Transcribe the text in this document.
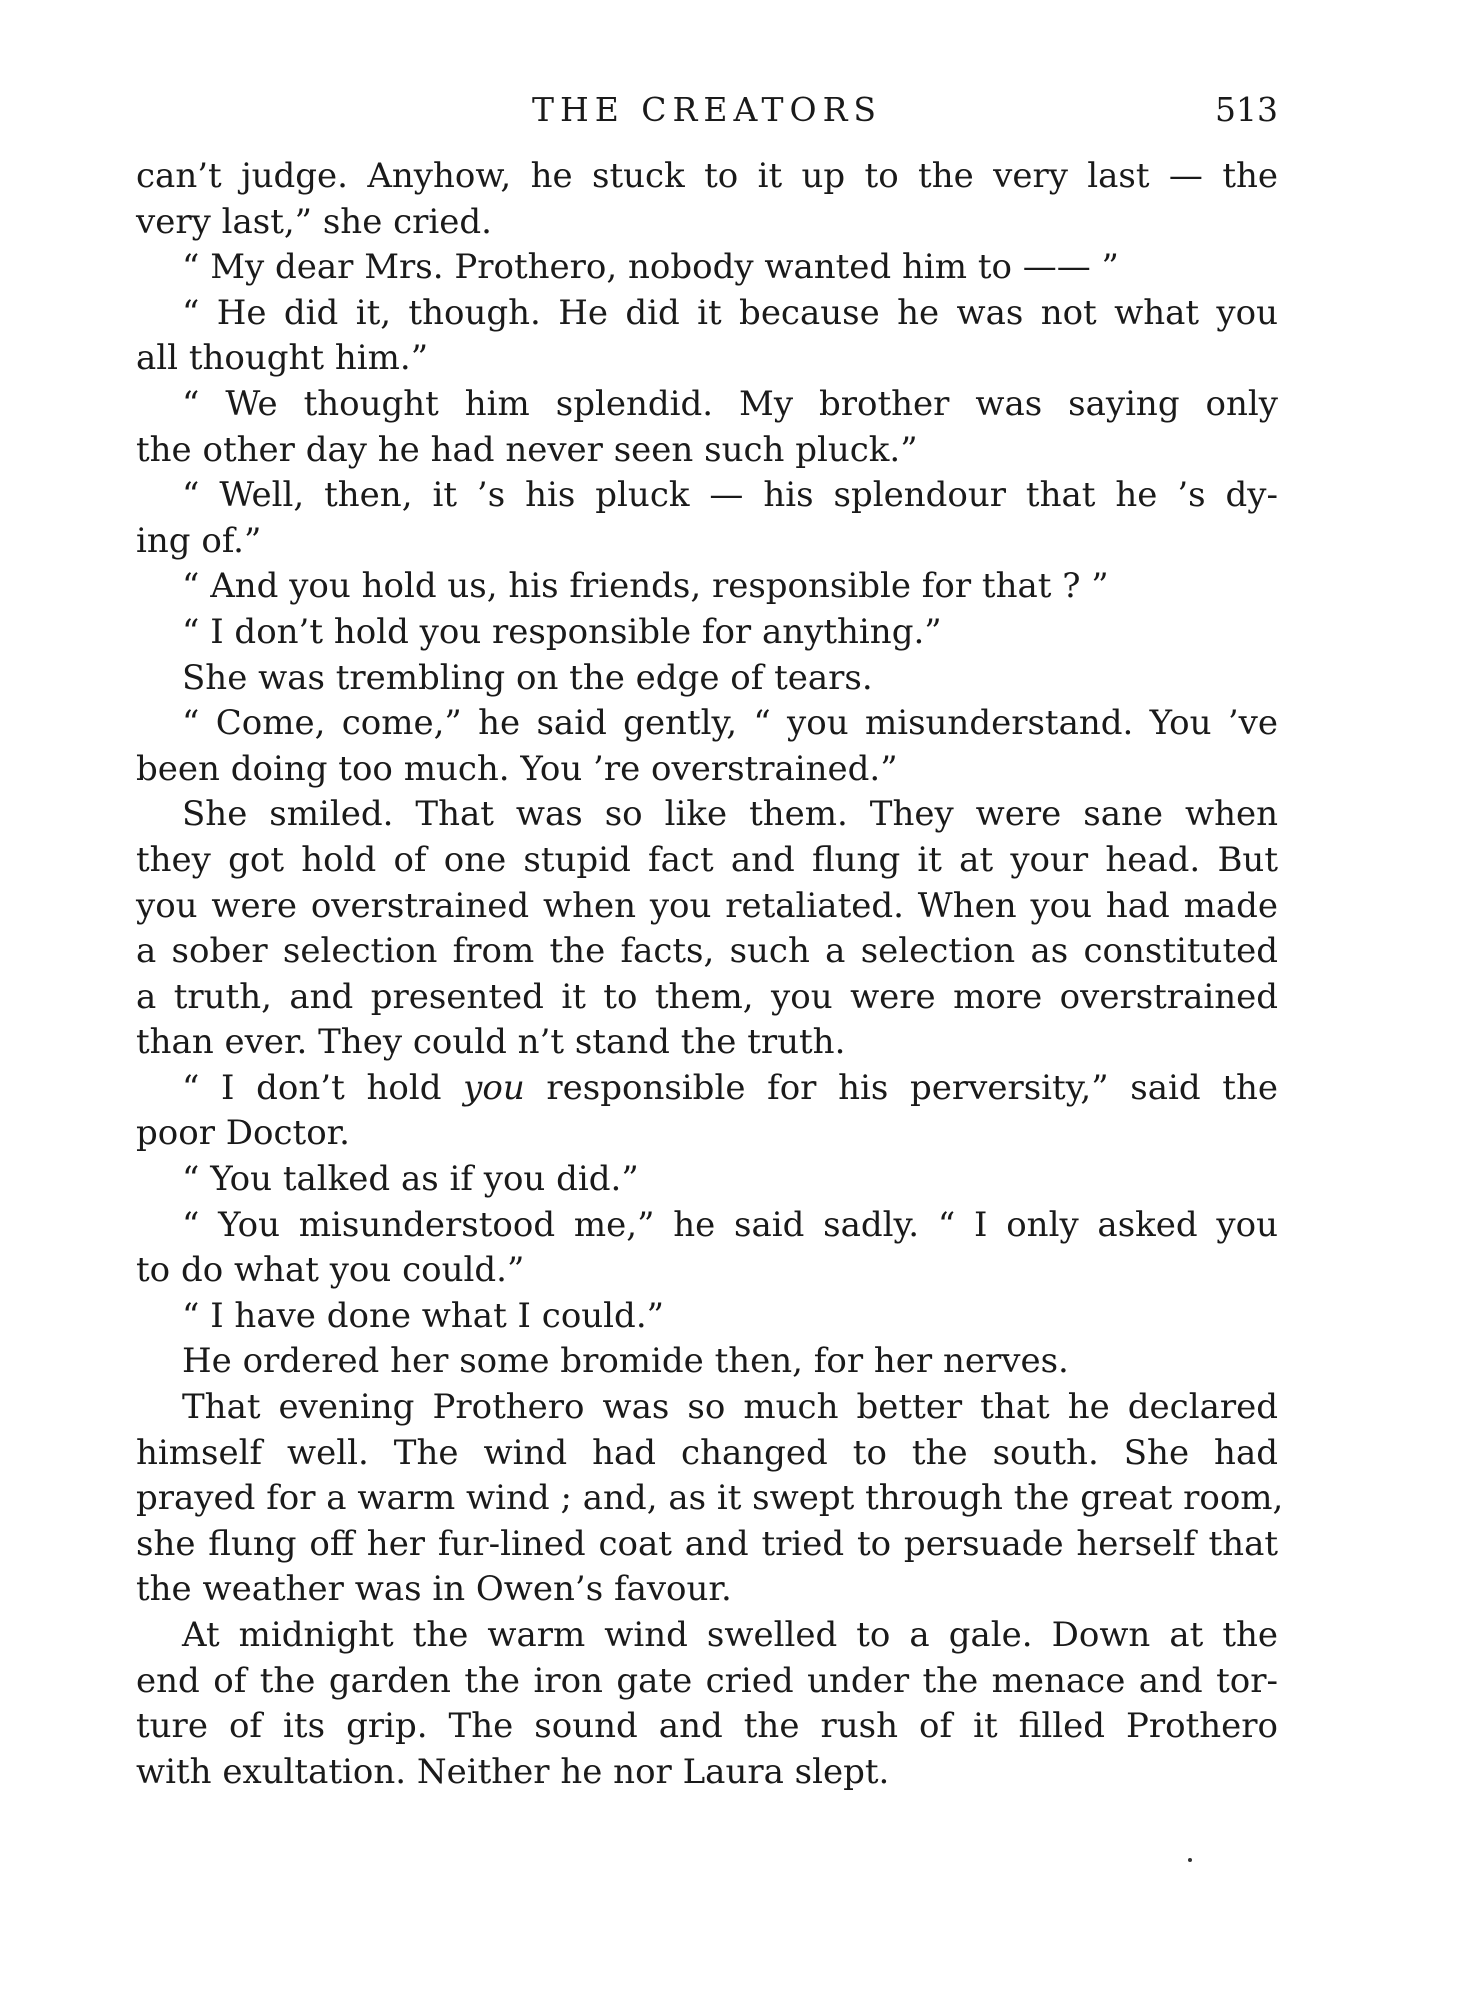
THE CREATORS	513
can’t judge. Anyhow, he stuck to it up to the very last — the
very last,” she cried.
“ My dear Mrs. Prothero, nobody wanted him to —— ”
“ He did it, though. He did it because he was not what you
all thought him.”
“ We thought him splendid. My brother was saying only
the other day he had never seen such pluck.”
“ Well, then, it ’s his pluck — his splendour that he ’s dy-
ing of.”
“ And you hold us, his friends, responsible for that ? ”
“ I don’t hold you responsible for anything.”
She was trembling on the edge of tears.
“ Come, come,” he said gently, “ you misunderstand. You ’ve
been doing too much. You ’re overstrained.”
She smiled. That was so like them. They were sane when
they got hold of one stupid fact and flung it at your head. But
you were overstrained when you retaliated. When you had made
a sober selection from the facts, such a selection as constituted
a truth, and presented it to them, you were more overstrained
than ever. They could n’t stand the truth.
“ I don’t hold you responsible for his perversity,” said the
poor Doctor.
“ You talked as if you did.”
“ You misunderstood me,” he said sadly. “ I only asked you
to do what you could.”
“ I have done what I could.”
He ordered her some bromide then, for her nerves.
That evening Prothero was so much better that he declared
himself well. The wind had changed to the south. She had
prayed for a warm wind ; and, as it swept through the great room,
she flung off her fur-lined coat and tried to persuade herself that
the weather was in Owen’s favour.
At midnight the warm wind swelled to a gale. Down at the
end of the garden the iron gate cried under the menace and tor-
ture of its grip. The sound and the rush of it filled Prothero
with exultation. Neither he nor Laura slept.
